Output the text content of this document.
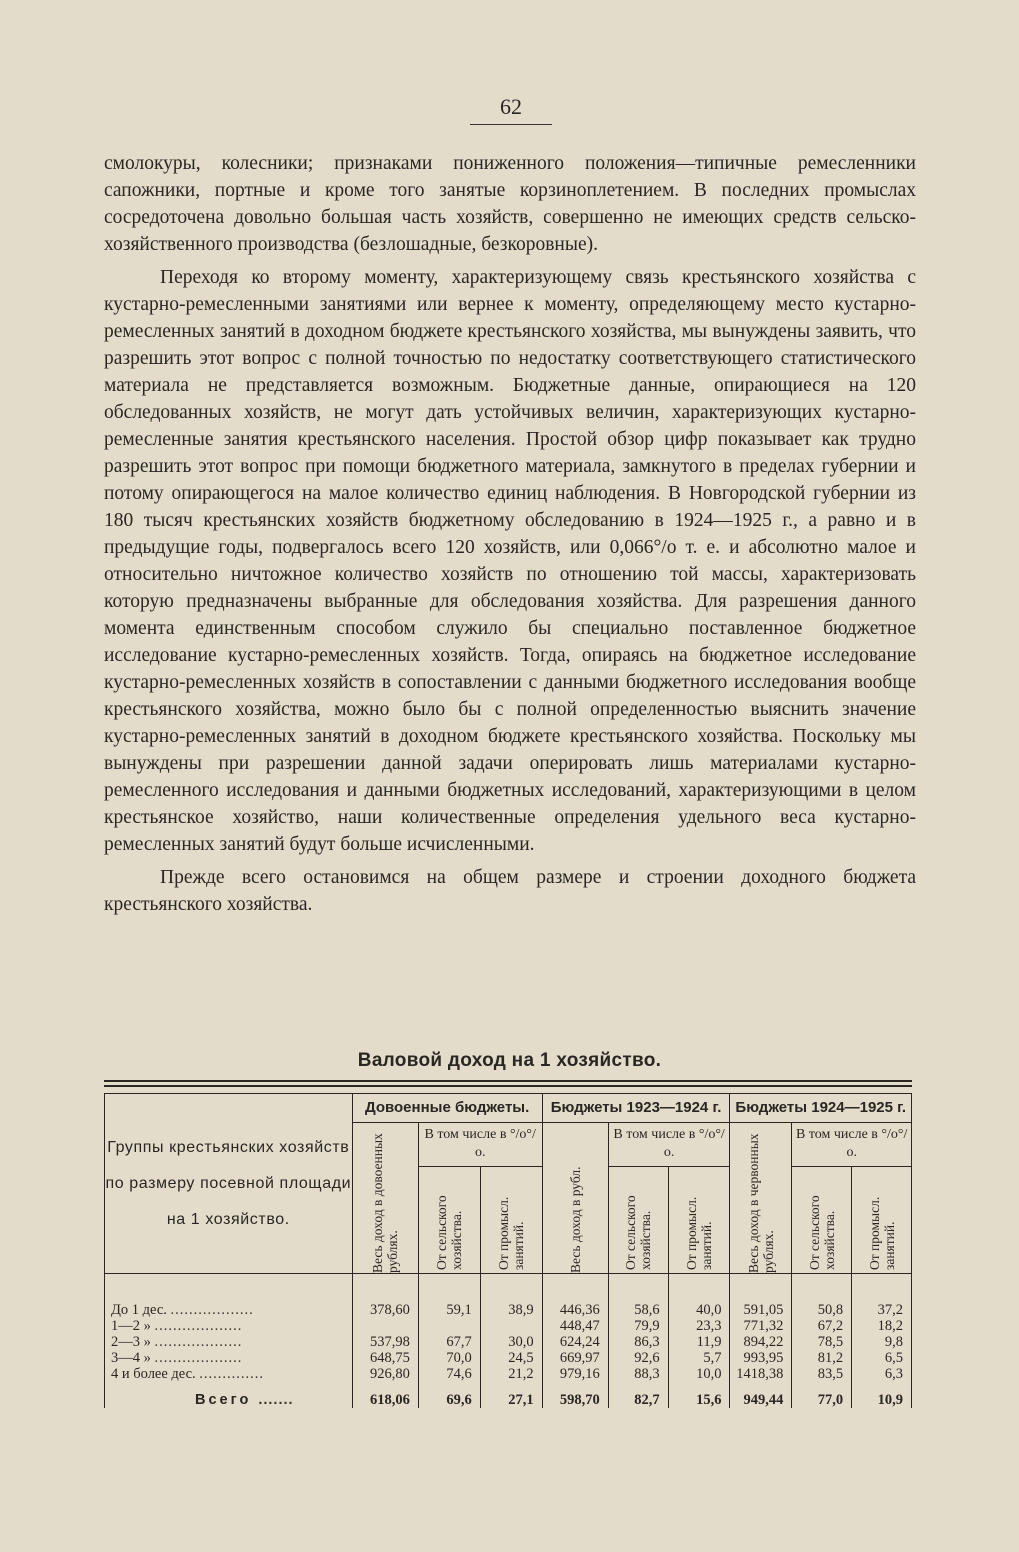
62

смолокуры, колесники; признаками пониженного положения—типичные ремесленники сапожники, портные и кроме того занятые корзиноплетением. В последних промыслах сосредоточена довольно большая часть хозяйств, совершенно не имеющих средств сельско-хозяйственного производства (безлошадные, безкоровные).

Переходя ко второму моменту, характеризующему связь крестьянского хозяйства с кустарно-ремесленными занятиями или вернее к моменту, определяющему место кустарно-ремесленных занятий в доходном бюджете крестьянского хозяйства, мы вынуждены заявить, что разрешить этот вопрос с полной точностью по недостатку соответствующего статистического материала не представляется возможным. Бюджетные данные, опирающиеся на 120 обследованных хозяйств, не могут дать устойчивых величин, характеризующих кустарно-ремесленные занятия крестьянского населения. Простой обзор цифр показывает как трудно разрешить этот вопрос при помощи бюджетного материала, замкнутого в пределах губернии и потому опирающегося на малое количество единиц наблюдения. В Новгородской губернии из 180 тысяч крестьянских хозяйств бюджетному обследованию в 1924—1925 г., а равно и в предыдущие годы, подвергалось всего 120 хозяйств, или 0,066°/о т. е. и абсолютно малое и относительно ничтожное количество хозяйств по отношению той массы, характеризовать которую предназначены выбранные для обследования хозяйства. Для разрешения данного момента единственным способом служило бы специально поставленное бюджетное исследование кустарно-ремесленных хозяйств. Тогда, опираясь на бюджетное исследование кустарно-ремесленных хозяйств в сопоставлении с данными бюджетного исследования вообще крестьянского хозяйства, можно было бы с полной определенностью выяснить значение кустарно-ремесленных занятий в доходном бюджете крестьянского хозяйства. Поскольку мы вынуждены при разрешении данной задачи оперировать лишь материалами кустарно-ремесленного исследования и данными бюджетных исследований, характеризующими в целом крестьянское хозяйство, наши количественные определения удельного веса кустарно-ремесленных занятий будут больше исчисленными.

Прежде всего остановимся на общем размере и строении доходного бюджета крестьянского хозяйства.

Валовой доход на 1 хозяйство.
Группы крестьянских хозяйств по размеру посевной площади на 1 хозяйство.	Довоенные бюджеты.			Бюджеты 1923—1924 г.			Бюджеты 1924—1925 г.		

	Весь доход в довоенных рублях.	В том числе в °/о°/о.		Весь доход в рубл.	В том числе в °/о°/о.		Весь доход в червонных рублях.	В том числе в °/о°/о.	

		От сельского хозяйства.	От промысл. занятий.		От сельского хозяйства.	От промысл. занятий.		От сельского хозяйства.	От промысл. занятий.

До 1 дес. ..................	378,60	59,1	38,9	446,36	58,6	40,0	591,05	50,8	37,2
1—2 » ...................				448,47	79,9	23,3	771,32	67,2	18,2
2—3 » ...................	537,98	67,7	30,0	624,24	86,3	11,9	894,22	78,5	9,8
3—4 » ...................	648,75	70,0	24,5	669,97	92,6	5,7	993,95	81,2	6,5
4 и более дес. ..............	926,80	74,6	21,2	979,16	88,3	10,0	1418,38	83,5	6,3
Всего .......	618,06	69,6	27,1	598,70	82,7	15,6	949,44	77,0	10,9
